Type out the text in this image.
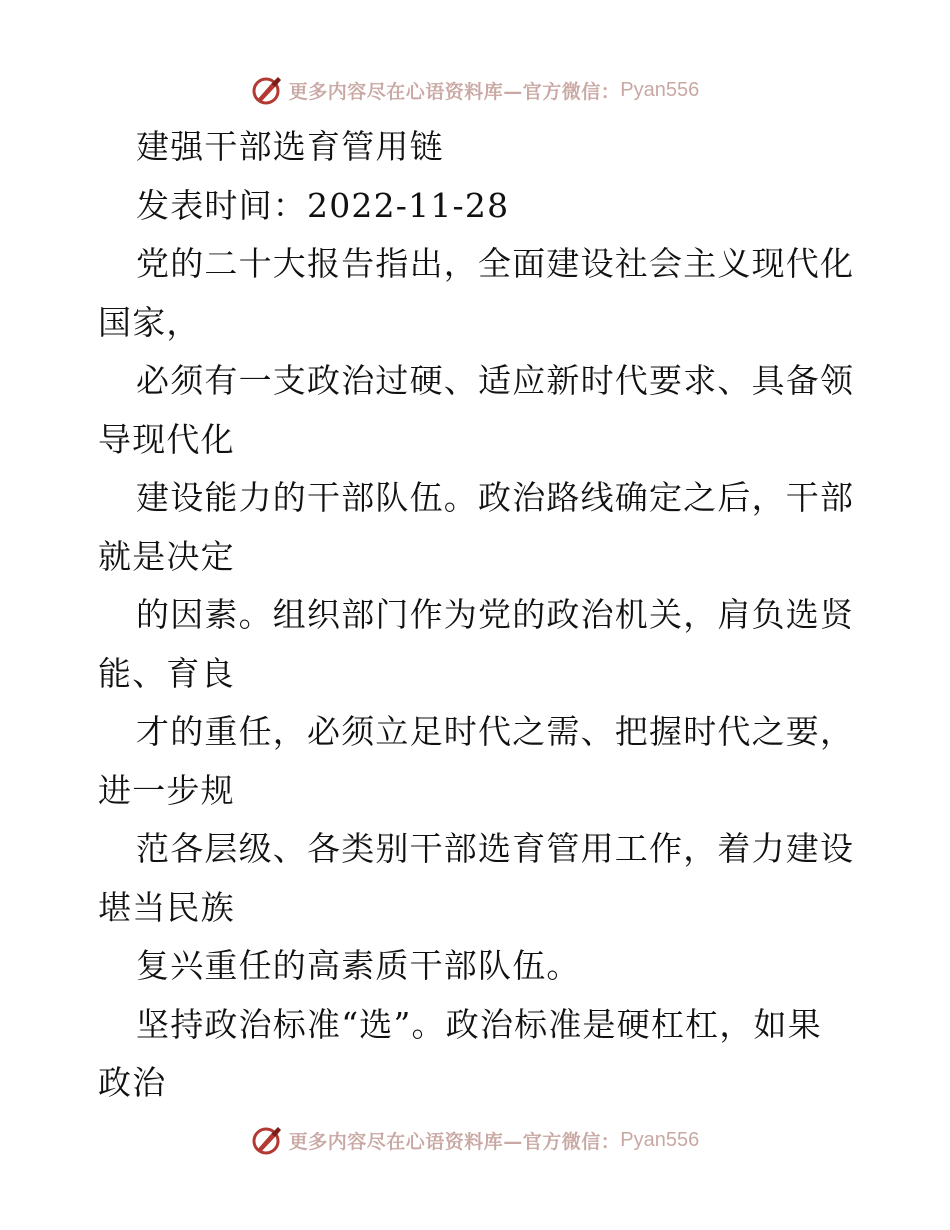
更多内容尽在心语资料库—官方微信： Pyan556
建强干部选育管用链
发表时间：2022-11-28
党的二十大报告指出，全面建设社会主义现代化
国家，
必须有一支政治过硬、适应新时代要求、具备领
导现代化
建设能力的干部队伍。政治路线确定之后，干部
就是决定
的因素。组织部门作为党的政治机关，肩负选贤
能、育良
才的重任，必须立足时代之需、把握时代之要，
进一步规
范各层级、各类别干部选育管用工作，着力建设
堪当民族
复兴重任的高素质干部队伍。
坚持政治标准“选”。政治标准是硬杠杠，如果
政治
更多内容尽在心语资料库—官方微信： Pyan556
